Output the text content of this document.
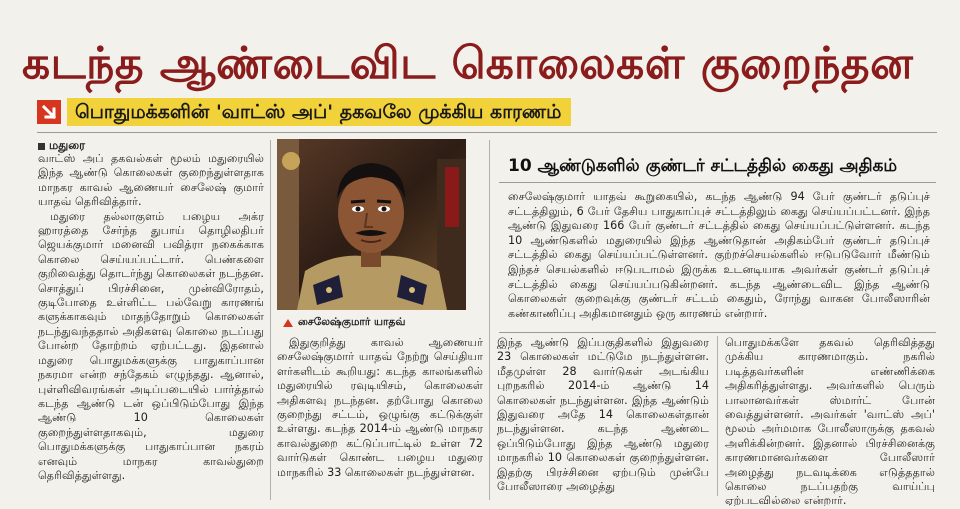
கடந்த ஆண்டைவிட கொலைகள் குறைந்தன
பொதுமக்களின் 'வாட்ஸ் அப்' தகவலே முக்கிய காரணம்
மதுரை

வாட்ஸ் அப் தகவல்கள் மூலம் மதுரையில் இந்த ஆண்டு கொலைகள் குறைந்துள்ளதாக மாநகர காவல் ஆணையர் சைலேஷ் குமார் யாதவ் தெரிவித்தார்.

மதுரை தல்லாகுளம் பழைய அக்ர ஹாரத்தை சேர்ந்த துபாய் தொழிலதிபர் ஜெயக்குமார் மனைவி பவித்ரா நகைக்காக கொலை செய்யப்பட்டார். பெண்களை குறிவைத்து தொடர்ந்து கொலைகள் நடந்தன. சொத்துப் பிரச்சினை, முன்விரோதம், குடிபோதை உள்ளிட்ட பல்வேறு காரணங் களுக்காகவும் மாதந்தோறும் கொலைகள் நடந்துவந்ததால் அதிகளவு கொலை நடப்பது போன்ற தோற்றம் ஏற்பட்டது. இதனால் மதுரை பொதுமக்களுக்கு பாதுகாப்பான நகரமா என்ற சந்தேகம் எழுந்தது. ஆனால், புள்ளிவிவரங்கள் அடிப்படையில் பார்த்தால் கடந்த ஆண்டு டன் ஒப்பிடும்போது இந்த ஆண்டு 10 கொலைகள் குறைந்துள்ளதாகவும், மதுரை பொதுமக்களுக்கு பாதுகாப்பான நகரம் எனவும் மாநகர காவல்துறை தெரிவித்துள்ளது.

சைலேஷ்குமார் யாதவ்

இதுகுறித்து காவல் ஆணையர் சைலேஷ்குமார் யாதவ் நேற்று செய்தியா ளர்களிடம் கூறியது: கடந்த காலங்களில் மதுரையில் ரவுடியிசம், கொலைகள் அதிகளவு நடந்தன. தற்போது கொலை குறைந்து சட்டம், ஒழுங்கு கட்டுக்குள் உள்ளது. கடந்த 2014-ம் ஆண்டு மாநகர காவல்துறை கட்டுப்பாட்டில் உள்ள 72 வார்டுகள் கொண்ட பழைய மதுரை மாநகரில் 33 கொலைகள் நடந்துள்ளன.

10 ஆண்டுகளில் குண்டர் சட்டத்தில் கைது அதிகம்

சைலேஷ்குமார் யாதவ் கூறுகையில், கடந்த ஆண்டு 94 பேர் குண்டர் தடுப்புச் சட்டத்திலும், 6 பேர் தேசிய பாதுகாப்புச் சட்டத்திலும் கைது செய்யப்பட்டனர். இந்த ஆண்டு இதுவரை 166 பேர் குண்டர் சட்டத்தில் கைது செய்யப்பட்டுள்ளனர். கடந்த 10 ஆண்டுகளில் மதுரையில் இந்த ஆண்டுதான் அதிகம்பேர் குண்டர் தடுப்புச் சட்டத்தில் கைது செய்யப்பட்டுள்ளனர். குற்றச்செயல்களில் ஈடுபடுவோர் மீண்டும் இந்தச் செயல்களில் ஈடுபடாமல் இருக்க உடனடியாக அவர்கள் குண்டர் தடுப்புச் சட்டத்தில் கைது செய்யப்படுகின்றனர். கடந்த ஆண்டைவிட இந்த ஆண்டு கொலைகள் குறைவுக்கு குண்டர் சட்டம் கைதும், ரோந்து வாகன போலீஸாரின் கண்காணிப்பு அதிகமானதும் ஒரு காரணம் என்றார்.

இந்த ஆண்டு இப்பகுதிகளில் இதுவரை 23 கொலைகள் மட்டுமே நடந்துள்ளன. மீதமுள்ள 28 வார்டுகள் அடங்கிய புறநகரில் 2014-ம் ஆண்டு 14 கொலைகள் நடந்துள்ளன. இந்த ஆண்டும் இதுவரை அதே 14 கொலைகள்தான் நடந்துள்ளன. கடந்த ஆண்டை ஒப்பிடும்போது இந்த ஆண்டு மதுரை மாநகரில் 10 கொலைகள் குறைந்துள்ளன. இதற்கு பிரச்சினை ஏற்படும் முன்பே போலீஸாரை அழைத்து

பொதுமக்களே தகவல் தெரிவித்தது முக்கிய காரணமாகும். நகரில் படித்தவர்களின் எண்ணிக்கை அதிகரித்துள்ளது. அவர்களில் பெரும் பாலானவர்கள் ஸ்மார்ட் போன் வைத்துள்ளனர். அவர்கள் 'வாட்ஸ் அப்' மூலம் அர்மமாக போலீஸாருக்கு தகவல் அளிக்கின்றனர். இதனால் பிரச்சினைக்கு காரணமானவர்களை போலீஸார் அழைத்து நடவடிக்கை எடுத்ததால் கொலை நடப்பதற்கு வாய்ப்பு ஏற்படவில்லை என்றார்.
